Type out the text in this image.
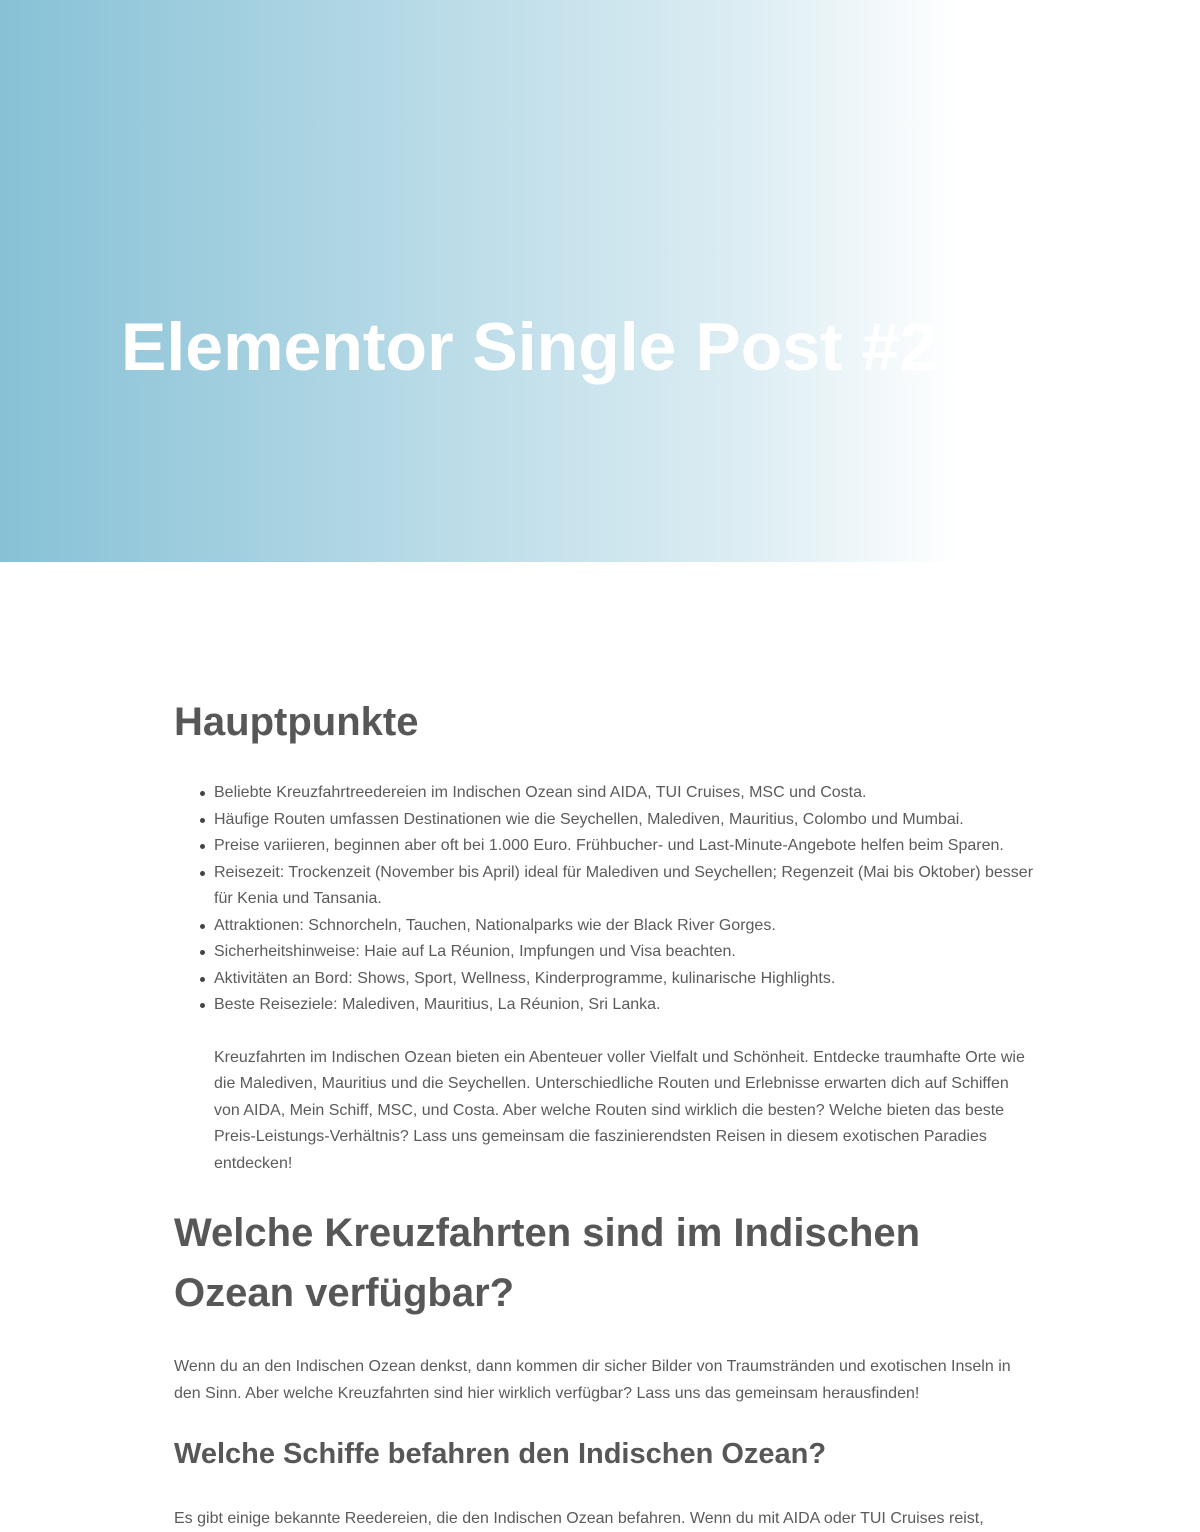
Elementor Single Post #2
Hauptpunkte
Beliebte Kreuzfahrtreedereien im Indischen Ozean sind AIDA, TUI Cruises, MSC und Costa.
Häufige Routen umfassen Destinationen wie die Seychellen, Malediven, Mauritius, Colombo und Mumbai.
Preise variieren, beginnen aber oft bei 1.000 Euro. Frühbucher- und Last-Minute-Angebote helfen beim Sparen.
Reisezeit: Trockenzeit (November bis April) ideal für Malediven und Seychellen; Regenzeit (Mai bis Oktober) besser für Kenia und Tansania.
Attraktionen: Schnorcheln, Tauchen, Nationalparks wie der Black River Gorges.
Sicherheitshinweise: Haie auf La Réunion, Impfungen und Visa beachten.
Aktivitäten an Bord: Shows, Sport, Wellness, Kinderprogramme, kulinarische Highlights.
Beste Reiseziele: Malediven, Mauritius, La Réunion, Sri Lanka.

Kreuzfahrten im Indischen Ozean bieten ein Abenteuer voller Vielfalt und Schönheit. Entdecke traumhafte Orte wie die Malediven, Mauritius und die Seychellen. Unterschiedliche Routen und Erlebnisse erwarten dich auf Schiffen von AIDA, Mein Schiff, MSC, und Costa. Aber welche Routen sind wirklich die besten? Welche bieten das beste Preis-Leistungs-Verhältnis? Lass uns gemeinsam die faszinierendsten Reisen in diesem exotischen Paradies entdecken!

Welche Kreuzfahrten sind im Indischen Ozean verfügbar?

Wenn du an den Indischen Ozean denkst, dann kommen dir sicher Bilder von Traumstränden und exotischen Inseln in den Sinn. Aber welche Kreuzfahrten sind hier wirklich verfügbar? Lass uns das gemeinsam herausfinden!

Welche Schiffe befahren den Indischen Ozean?

Es gibt einige bekannte Reedereien, die den Indischen Ozean befahren. Wenn du mit AIDA oder TUI Cruises reist,
